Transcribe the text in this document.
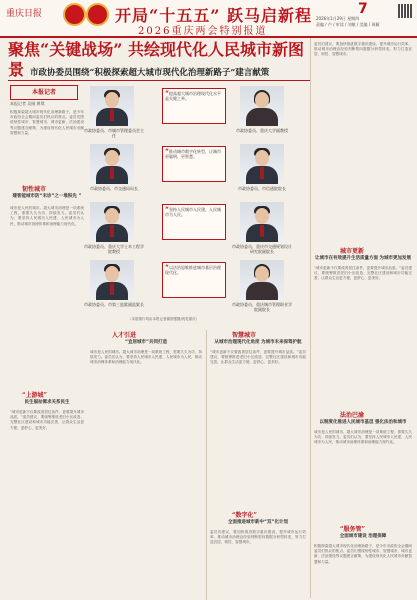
重庆日报	开局“十五五” 跃马启新程
2026重庆两会特别报道
7
2026年1月29日 星期四
责编 / 卢 / 审读 / 刘敏 / 美编 / 周颖
聚焦“关键战场” 共绘现代化人民城市新图景 市政协委员围绕“积极探索超大城市现代化治理新路子”建言献策
本报记者
本报记者 吴刚 黄琪
积极探索超大城市现代化治理新路子，是今年市政协全会期间委员们热议的焦点。委员们围绕韧性城市、智慧城市、城市更新、法治建设等议题建言献策，为建设现代化人民城市贡献智慧和力量。
韧性城市
建智能城市防“未诊”之一堆积先 ”
城市是人民的城市。超大城市治理是一项系统工程，需要久久为功、持续发力。委员们认为，要坚持人民城市人民建、人民城市为人民，推动城市治理体系和治理能力现代化。
“上游城”
民生福祉需求关系民生
“城市更新不仅要改善居住条件，更要提升城市品质。”委员建议，要统筹推进老旧小区改造、完整社区建设和城市功能完善，让群众生活更方便、更舒心、更美好。
市政协委员、市城市管理委员会主任
“提高超大城市治理现代化水平是关键之举。
市政协委员、重庆大学副教授
市政协委员、市交通局局长
“推动城市数字化转型，让城市更聪明、更智慧。
市政协委员、市信通院院长
市政协委员、重庆大学土木工程学院教授
“坚持人民城市人民建、人民城市为人民。
市政协委员、重庆市交通规划设计研究院副院长
市政协委员、市第三监狱副监狱长
“以法治思维推进城市基层治理现代化。
市政协委员、重庆城市管理职业学院副院长
（本组图片均由本报记者谢智强摄/视觉重庆）
人才引进
“宜居城市”共同打造
城市是人民的城市。超大城市治理是一项系统工程，需要久久为功、持续发力。委员们认为，要坚持人民城市人民建、人民城市为人民，推动城市治理体系和治理能力现代化。
智慧城市
从城市治理现代化角度 为城市未来保驾护航
“城市更新不仅要改善居住条件，更要提升城市品质。”委员建议，要统筹推进老旧小区改造、完整社区建设和城市功能完善，让群众生活更方便、更舒心、更美好。
“数字化”
全面推进城市新中“双”化计划
委员们建议，要加快推进数字重庆建设，提升城市运行效率，推动城市治理由经验判断型向数据分析型转变，努力打造宜居、韧性、智慧城市。
委员们建议，要加快推进数字重庆建设，提升城市运行效率，推动城市治理由经验判断型向数据分析型转变，努力打造宜居、韧性、智慧城市。
城市更新
让城市在有效提升生活质量方面 为城市更加发展
“城市更新不仅要改善居住条件，更要提升城市品质。”委员建议，要统筹推进老旧小区改造、完整社区建设和城市功能完善，让群众生活更方便、更舒心、更美好。
法治巴渝
以制度化推进人民城市基层 强化法治和城市
城市是人民的城市。超大城市治理是一项系统工程，需要久久为功、持续发力。委员们认为，要坚持人民城市人民建、人民城市为人民，推动城市治理体系和治理能力现代化。
“服务管”
全面城市建设 治理保障
积极探索超大城市现代化治理新路子，是今年市政协全会期间委员们热议的焦点。委员们围绕韧性城市、智慧城市、城市更新、法治建设等议题建言献策，为建设现代化人民城市贡献智慧和力量。
